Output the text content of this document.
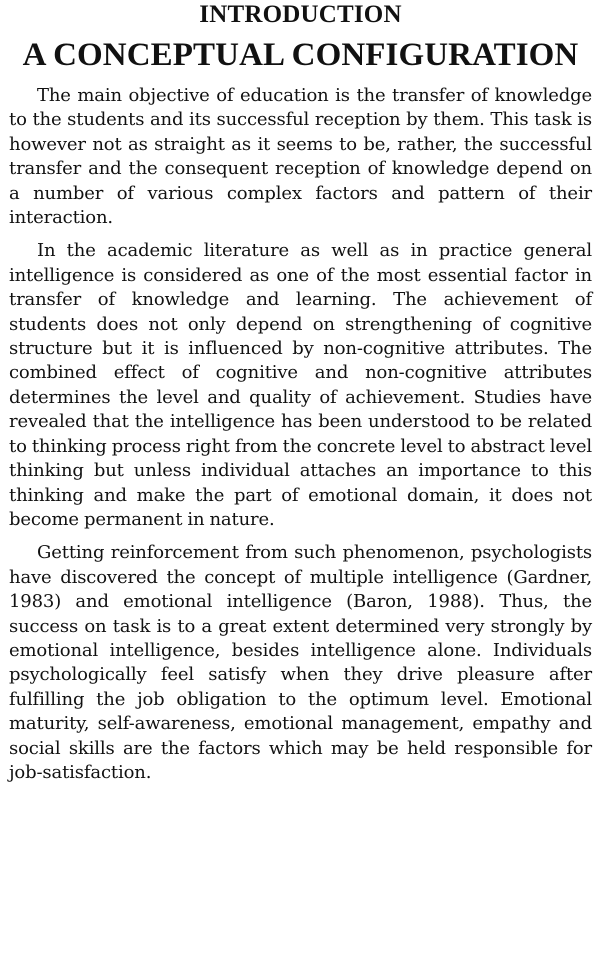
INTRODUCTION
A CONCEPTUAL CONFIGURATION

The main objective of education is the transfer of knowledge to the students and its successful reception by them. This task is however not as straight as it seems to be, rather, the successful transfer and the consequent reception of knowledge depend on a number of various complex factors and pattern of their interaction.

In the academic literature as well as in practice general intelligence is considered as one of the most essential factor in transfer of knowledge and learning. The achievement of students does not only depend on strengthening of cognitive structure but it is influenced by non-cognitive attributes. The combined effect of cognitive and non-cognitive attributes determines the level and quality of achievement. Studies have revealed that the intelligence has been understood to be related to thinking process right from the concrete level to abstract level thinking but unless individual attaches an importance to this thinking and make the part of emotional domain, it does not become permanent in nature.

Getting reinforcement from such phenomenon, psychologists have discovered the concept of multiple intelligence (Gardner, 1983) and emotional intelligence (Baron, 1988). Thus, the success on task is to a great extent determined very strongly by emotional intelligence, besides intelligence alone. Individuals psychologically feel satisfy when they drive pleasure after fulfilling the job obligation to the optimum level. Emotional maturity, self-awareness, emotional management, empathy and social skills are the factors which may be held responsible for job-satisfaction.
